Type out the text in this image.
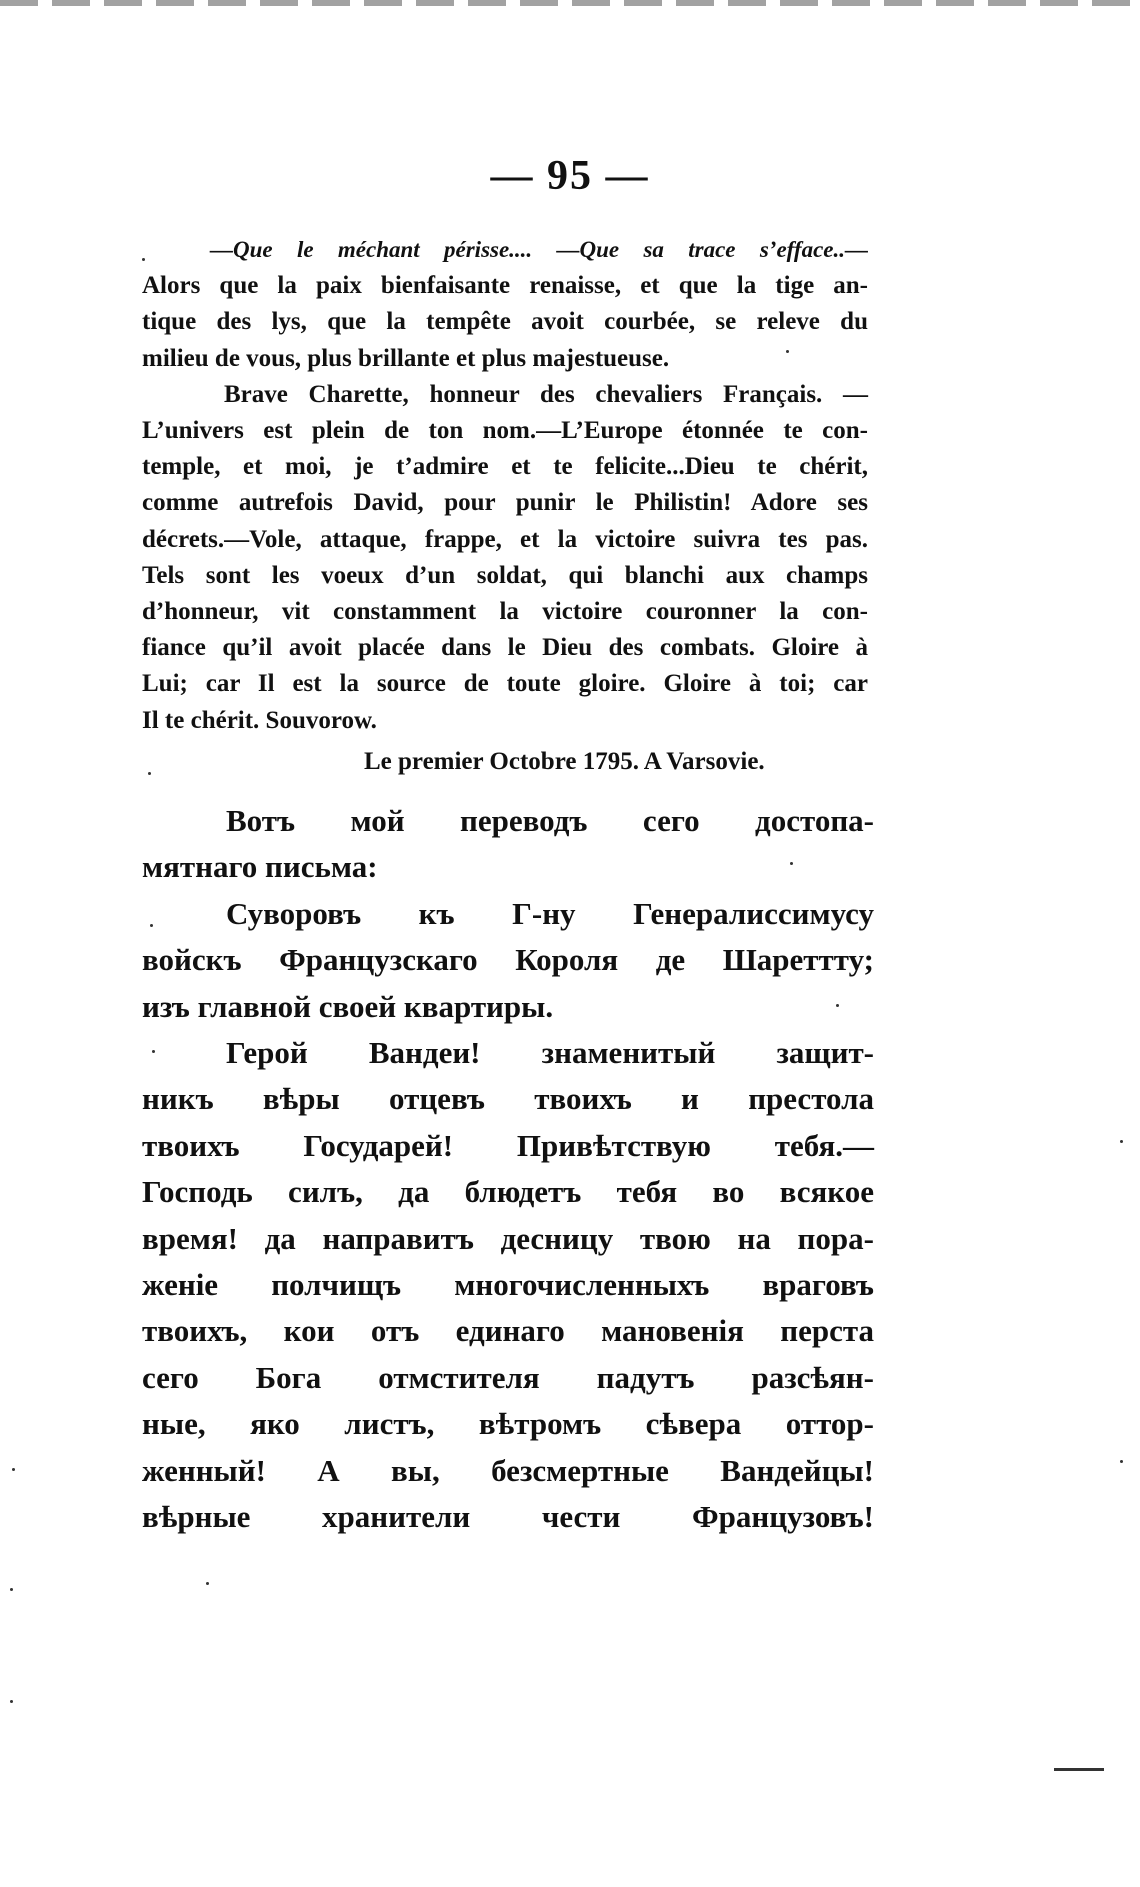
— 95 —
—Que le méchant périsse.... —Que sa trace s’efface..—
Alors que la paix bienfaisante renaisse, et que la tige an-
tique des lys, que la tempête avoit courbée, se releve du
milieu de vous, plus brillante et plus majestueuse.
Brave Charette, honneur des chevaliers Français. —
L’univers est plein de ton nom.—L’Europe étonnée te con-
temple, et moi, je t’admire et te felicite...Dieu te chérit,
comme autrefois David, pour punir le Philistin! Adore ses
décrets.—Vole, attaque, frappe, et la victoire suivra tes pas.
Tels sont les voeux d’un soldat, qui blanchi aux champs
d’honneur, vit constamment la victoire couronner la con-
fiance qu’il avoit placée dans le Dieu des combats. Gloire à
Lui; car Il est la source de toute gloire. Gloire à toi; car
Il te chérit. Souvorow.
Le premier Octobre 1795. A Varsovie.
Вотъ мой переводъ сего достопа-
мятнаго письма:
Суворовъ къ Г-ну Генералиссимусу
войскъ Французскаго Короля де Шареттту;
изъ главной своей квартиры.
Герой Вандеи! знаменитый защит-
никъ вѣры отцевъ твоихъ и престола
твоихъ Государей! Привѣтствую тебя.—
Господь силъ, да блюдетъ тебя во всякое
время! да направитъ десницу твою на пора-
женіе полчищъ многочисленныхъ враговъ
твоихъ, кои отъ единаго мановенія перста
сего Бога отмстителя падутъ разсѣян-
ные, яко листъ, вѣтромъ сѣвера оттор-
женный! А вы, безсмертные Вандейцы!
вѣрные хранители чести Французовъ!
